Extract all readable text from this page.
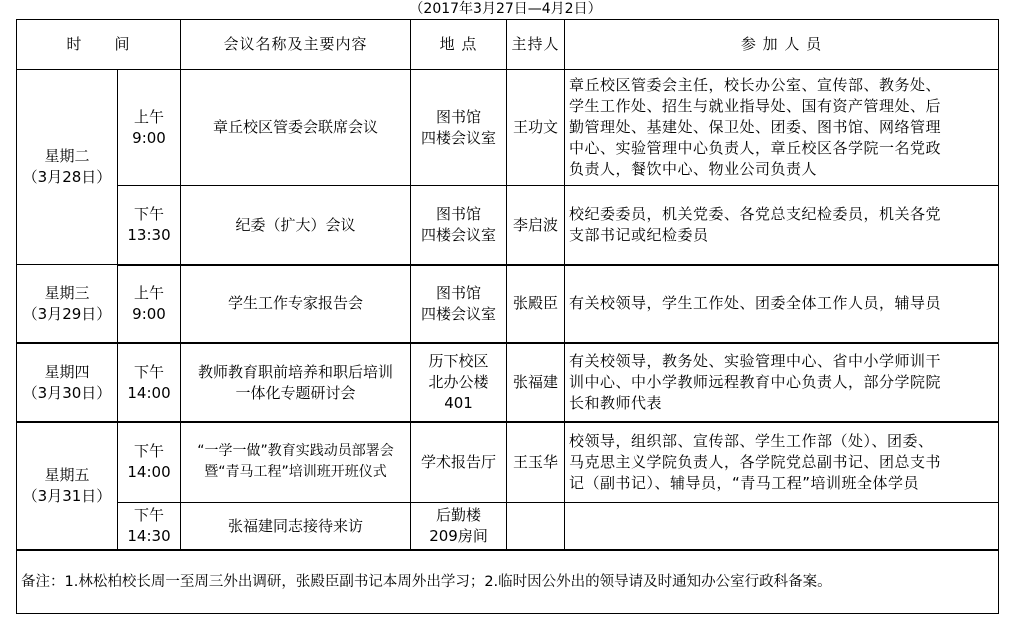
（2017年3月27日—4月2日）
时　　间		会议名称及主要内容	地 点	主持人	参 加 人 员

星期二
（3月28日）	上午
9:00	章丘校区管委会联席会议	图书馆
四楼会议室	王功文	章丘校区管委会主任，校长办公室、宣传部、教务处、
学生工作处、招生与就业指导处、国有资产管理处、后
勤管理处、基建处、保卫处、团委、图书馆、网络管理
中心、实验管理中心负责人，章丘校区各学院一名党政
负责人，餐饮中心、物业公司负责人

	下午
13:30	纪委（扩大）会议	图书馆
四楼会议室	李启波	校纪委委员，机关党委、各党总支纪检委员，机关各党
支部书记或纪检委员

星期三
（3月29日）	上午
9:00	学生工作专家报告会	图书馆
四楼会议室	张殿臣	有关校领导，学生工作处、团委全体工作人员，辅导员

星期四
（3月30日）	下午
14:00	教师教育职前培养和职后培训
一体化专题研讨会	历下校区
北办公楼
401	张福建	有关校领导，教务处、实验管理中心、省中小学师训干
训中心、中小学教师远程教育中心负责人，部分学院院
长和教师代表

星期五
（3月31日）	下午
14:00	“一学一做”教育实践动员部署会
暨“青马工程”培训班开班仪式	学术报告厅	王玉华	校领导，组织部、宣传部、学生工作部（处）、团委、
马克思主义学院负责人，各学院党总副书记、团总支书
记（副书记）、辅导员，“青马工程”培训班全体学员

	下午
14:30	张福建同志接待来访	后勤楼
209房间		

备注：1.林松柏校长周一至周三外出调研，张殿臣副书记本周外出学习；2.临时因公外出的领导请及时通知办公室行政科备案。					
